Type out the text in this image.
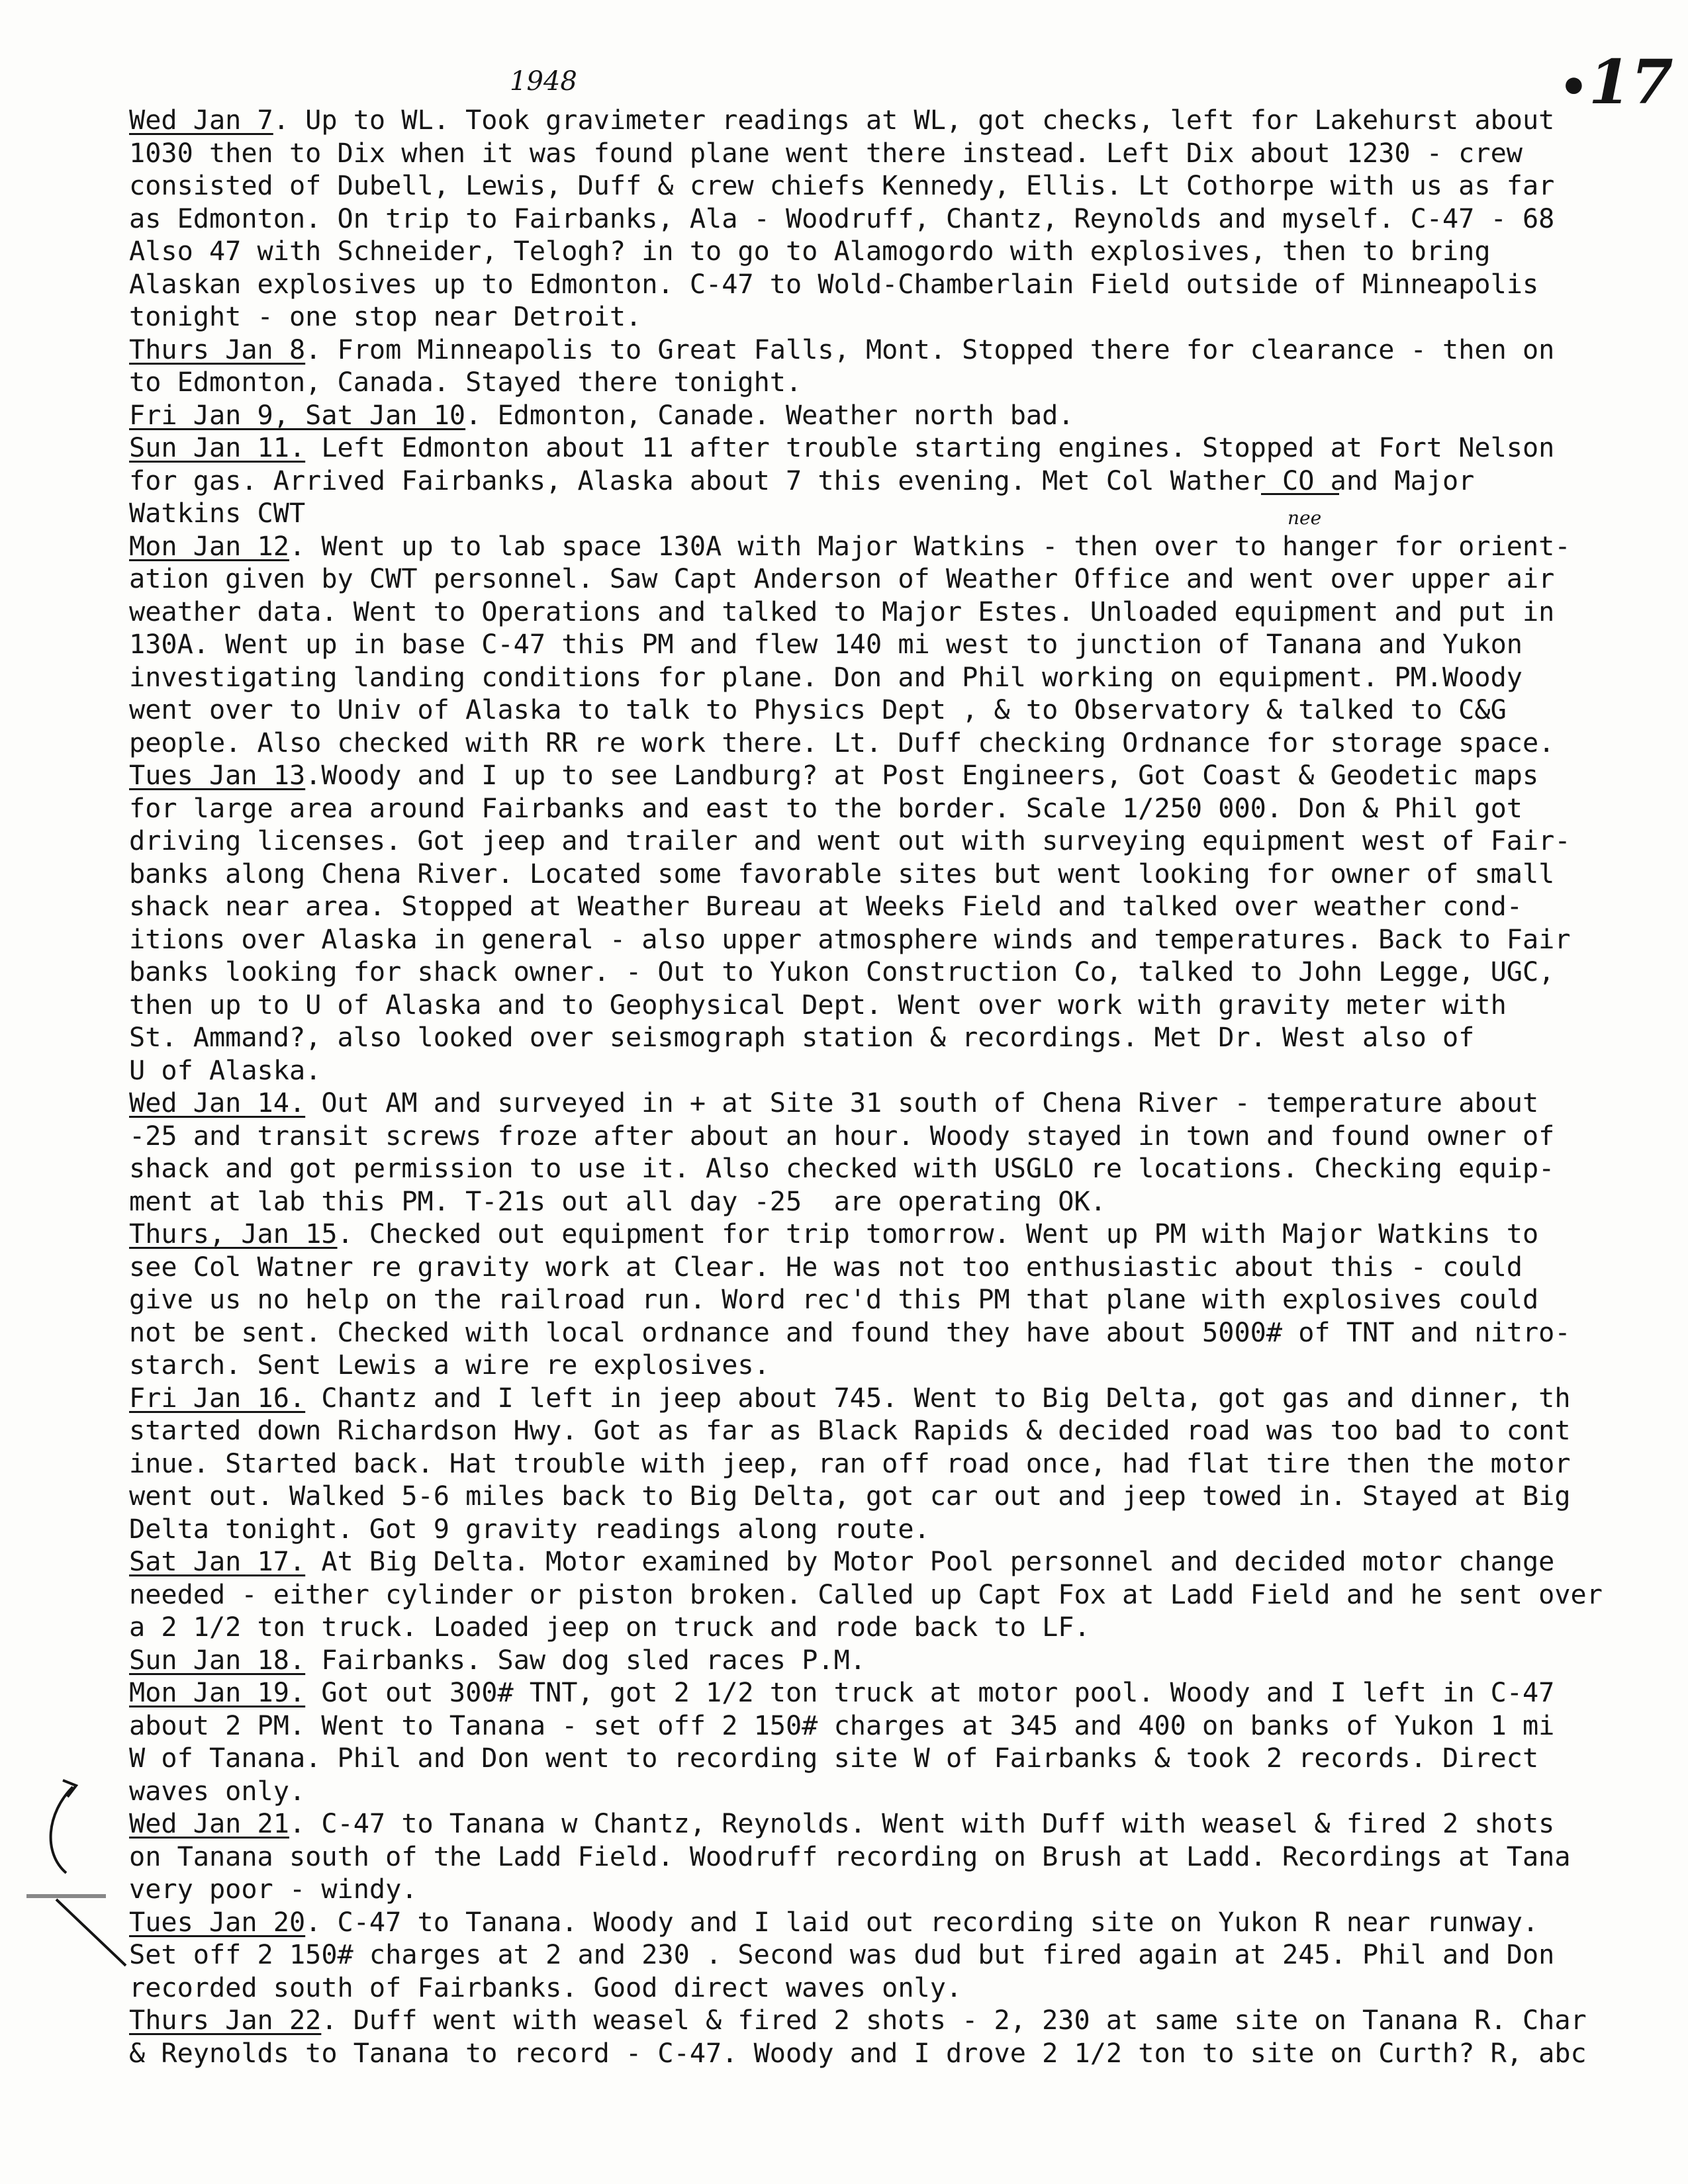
1948	•17
nee
Wed Jan 7. Up to WL. Took gravimeter readings at WL, got checks, left for Lakehurst about
1030 then to Dix when it was found plane went there instead. Left Dix about 1230 - crew
consisted of Dubell, Lewis, Duff & crew chiefs Kennedy, Ellis. Lt Cothorpe with us as far
as Edmonton. On trip to Fairbanks, Ala - Woodruff, Chantz, Reynolds and myself. C-47 - 68
Also 47 with Schneider, Telogh? in to go to Alamogordo with explosives, then to bring
Alaskan explosives up to Edmonton. C-47 to Wold-Chamberlain Field outside of Minneapolis
tonight - one stop near Detroit.
Thurs Jan 8. From Minneapolis to Great Falls, Mont. Stopped there for clearance - then on
to Edmonton, Canada. Stayed there tonight.
Fri Jan 9, Sat Jan 10. Edmonton, Canade. Weather north bad.
Sun Jan 11. Left Edmonton about 11 after trouble starting engines. Stopped at Fort Nelson
for gas. Arrived Fairbanks, Alaska about 7 this evening. Met Col Wather CO and Major
Watkins CWT
Mon Jan 12. Went up to lab space 130A with Major Watkins - then over to hanger for orient-
ation given by CWT personnel. Saw Capt Anderson of Weather Office and went over upper air
weather data. Went to Operations and talked to Major Estes. Unloaded equipment and put in
130A. Went up in base C-47 this PM and flew 140 mi west to junction of Tanana and Yukon
investigating landing conditions for plane. Don and Phil working on equipment. PM.Woody
went over to Univ of Alaska to talk to Physics Dept , & to Observatory & talked to C&G
people. Also checked with RR re work there. Lt. Duff checking Ordnance for storage space.
Tues Jan 13.Woody and I up to see Landburg? at Post Engineers, Got Coast & Geodetic maps
for large area around Fairbanks and east to the border. Scale 1/250 000. Don & Phil got
driving licenses. Got jeep and trailer and went out with surveying equipment west of Fair-
banks along Chena River. Located some favorable sites but went looking for owner of small
shack near area. Stopped at Weather Bureau at Weeks Field and talked over weather cond-
itions over Alaska in general - also upper atmosphere winds and temperatures. Back to Fair
banks looking for shack owner. - Out to Yukon Construction Co, talked to John Legge, UGC,
then up to U of Alaska and to Geophysical Dept. Went over work with gravity meter with
St. Ammand?, also looked over seismograph station & recordings. Met Dr. West also of
U of Alaska.
Wed Jan 14. Out AM and surveyed in + at Site 31 south of Chena River - temperature about
-25 and transit screws froze after about an hour. Woody stayed in town and found owner of
shack and got permission to use it. Also checked with USGLO re locations. Checking equip-
ment at lab this PM. T-21s out all day -25  are operating OK.
Thurs, Jan 15. Checked out equipment for trip tomorrow. Went up PM with Major Watkins to
see Col Watner re gravity work at Clear. He was not too enthusiastic about this - could
give us no help on the railroad run. Word rec'd this PM that plane with explosives could
not be sent. Checked with local ordnance and found they have about 5000# of TNT and nitro-
starch. Sent Lewis a wire re explosives.
Fri Jan 16. Chantz and I left in jeep about 745. Went to Big Delta, got gas and dinner, th
started down Richardson Hwy. Got as far as Black Rapids & decided road was too bad to cont
inue. Started back. Hat trouble with jeep, ran off road once, had flat tire then the motor
went out. Walked 5-6 miles back to Big Delta, got car out and jeep towed in. Stayed at Big
Delta tonight. Got 9 gravity readings along route.
Sat Jan 17. At Big Delta. Motor examined by Motor Pool personnel and decided motor change
needed - either cylinder or piston broken. Called up Capt Fox at Ladd Field and he sent over
a 2 1/2 ton truck. Loaded jeep on truck and rode back to LF.
Sun Jan 18. Fairbanks. Saw dog sled races P.M.
Mon Jan 19. Got out 300# TNT, got 2 1/2 ton truck at motor pool. Woody and I left in C-47
about 2 PM. Went to Tanana - set off 2 150# charges at 345 and 400 on banks of Yukon 1 mi
W of Tanana. Phil and Don went to recording site W of Fairbanks & took 2 records. Direct
waves only.
Wed Jan 21. C-47 to Tanana w Chantz, Reynolds. Went with Duff with weasel & fired 2 shots
on Tanana south of the Ladd Field. Woodruff recording on Brush at Ladd. Recordings at Tana
very poor - windy.
Tues Jan 20. C-47 to Tanana. Woody and I laid out recording site on Yukon R near runway.
Set off 2 150# charges at 2 and 230 . Second was dud but fired again at 245. Phil and Don
recorded south of Fairbanks. Good direct waves only.
Thurs Jan 22. Duff went with weasel & fired 2 shots - 2, 230 at same site on Tanana R. Char
& Reynolds to Tanana to record - C-47. Woody and I drove 2 1/2 ton to site on Curth? R, abc
